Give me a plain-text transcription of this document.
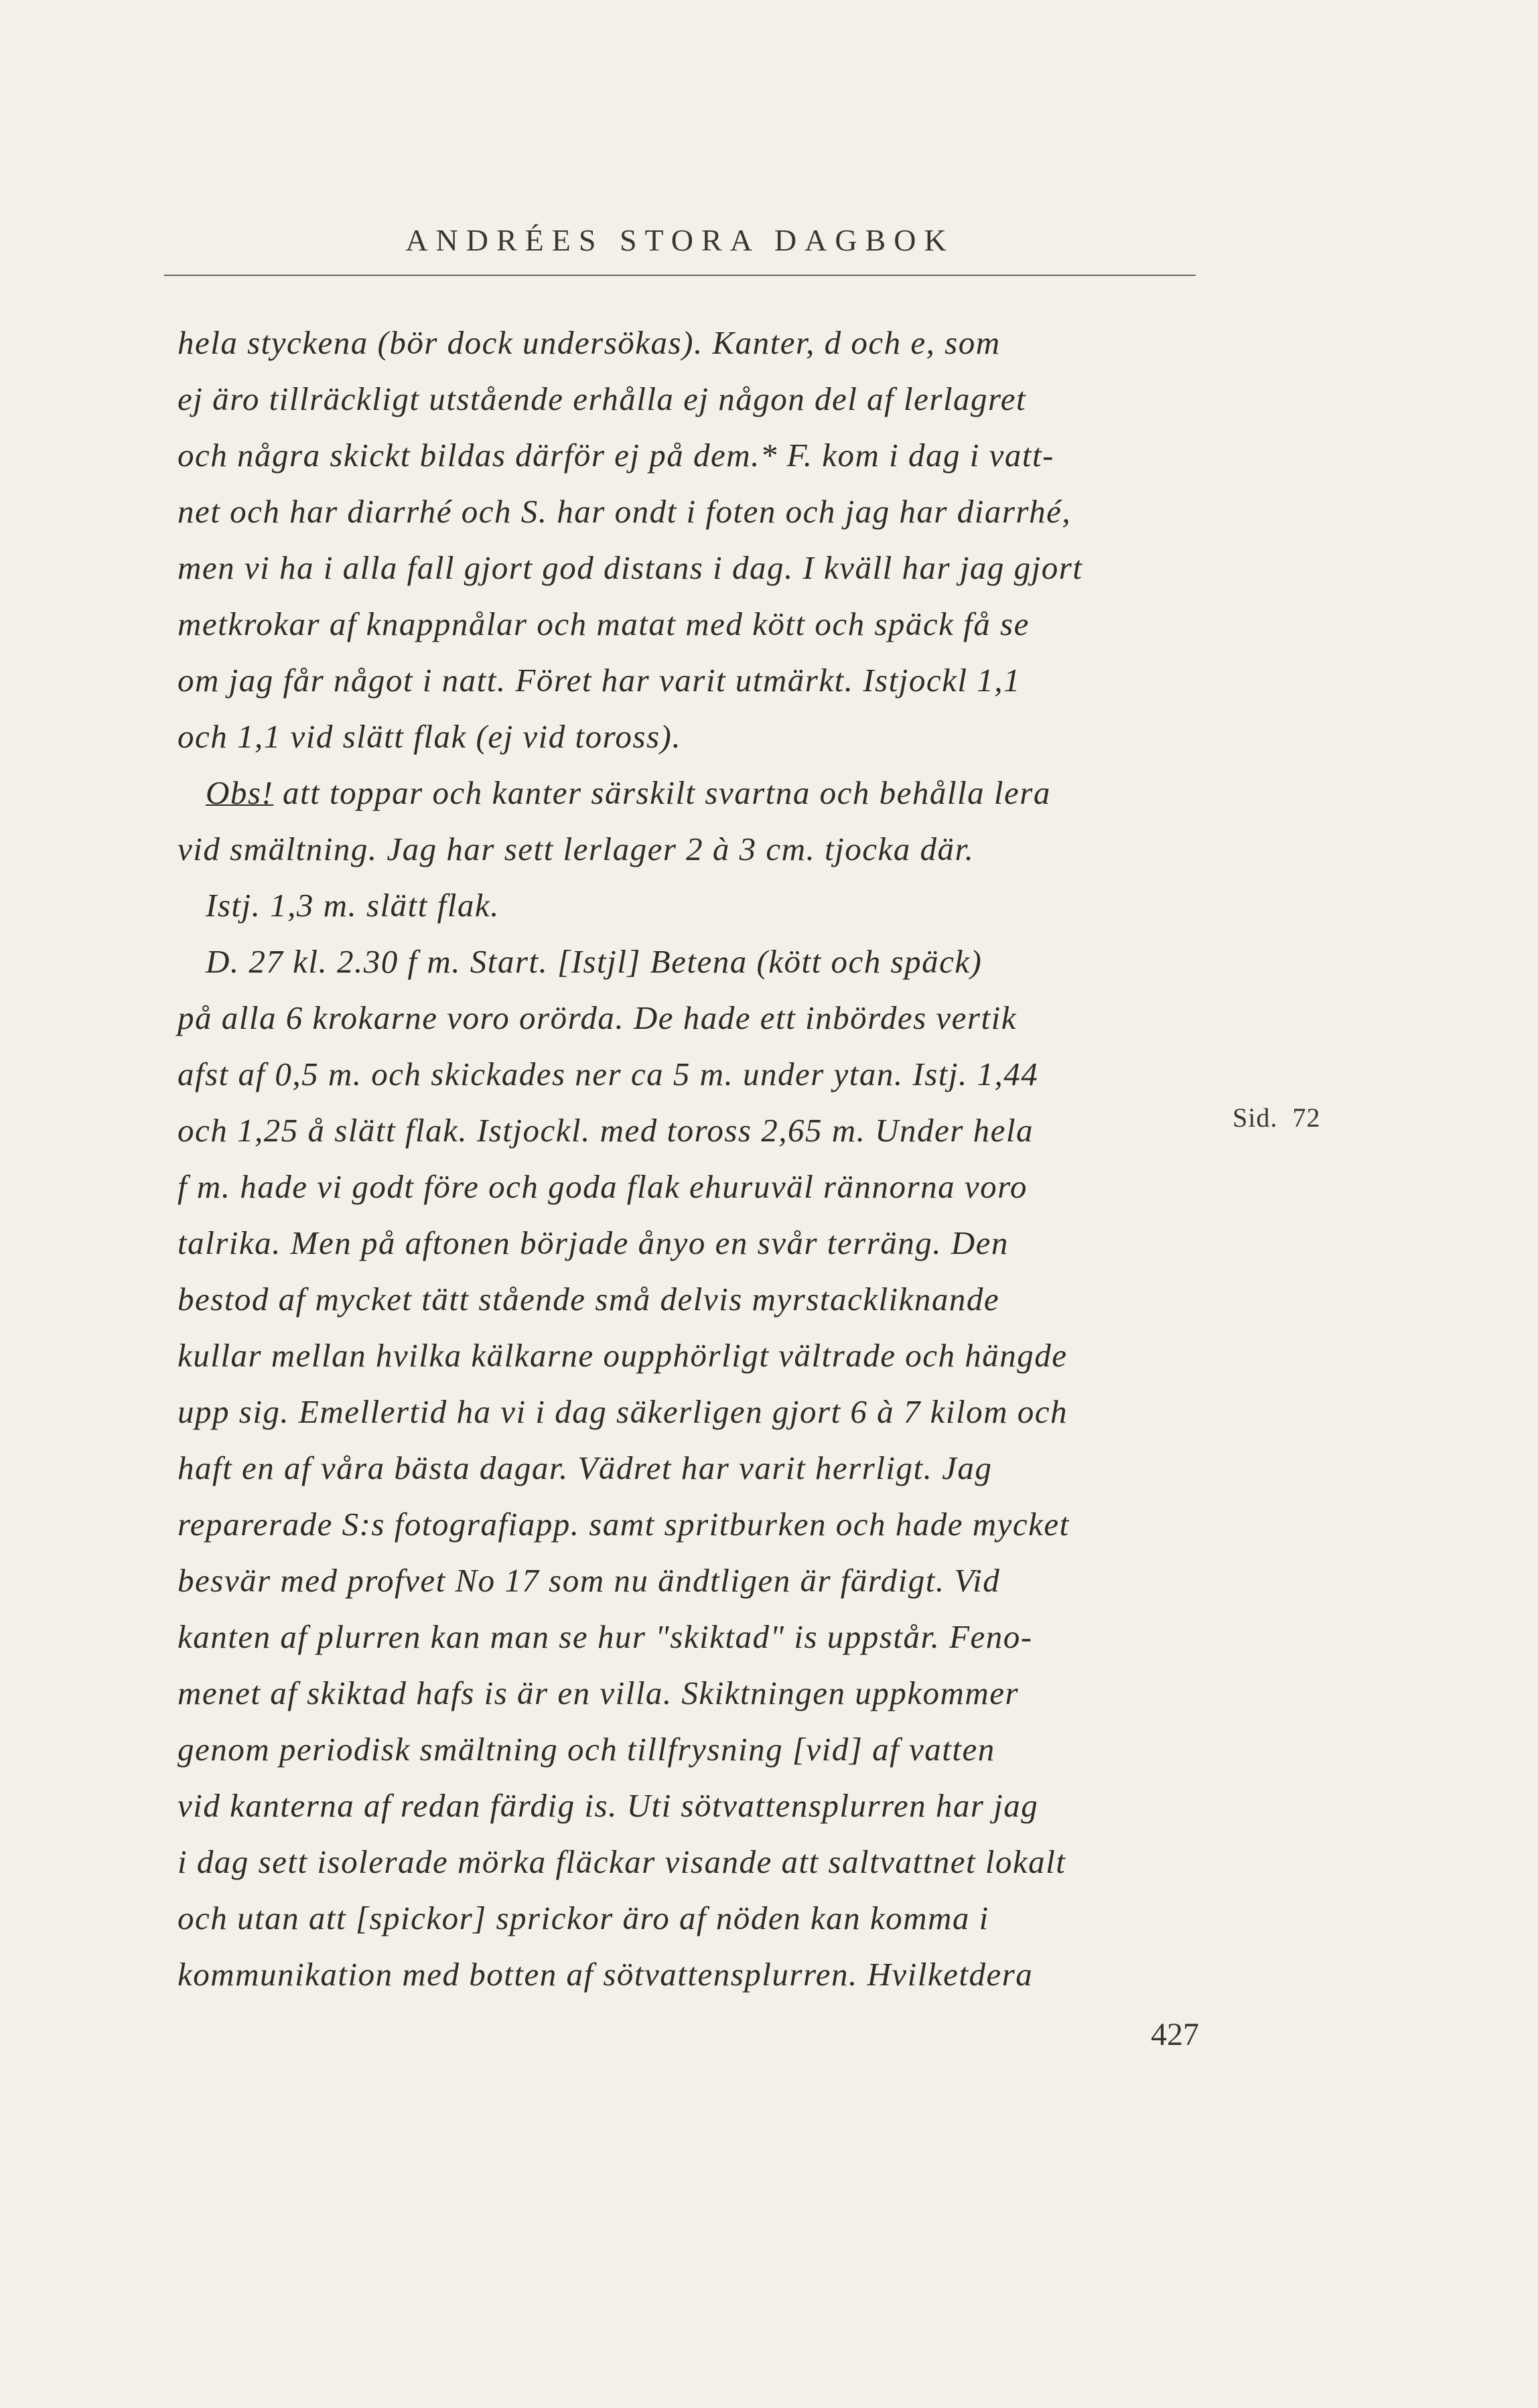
ANDRÉES STORA DAGBOK
hela styckena (bör dock undersökas). Kanter, d och e, som
ej äro tillräckligt utstående erhålla ej någon del af lerlagret
och några skickt bildas därför ej på dem.* F. kom i dag i vatt-
net och har diarrhé och S. har ondt i foten och jag har diarrhé,
men vi ha i alla fall gjort god distans i dag. I kväll har jag gjort
metkrokar af knappnålar och matat med kött och späck få se
om jag får något i natt. Föret har varit utmärkt. Istjockl 1,1
och 1,1 vid slätt flak (ej vid toross).
Obs! att toppar och kanter särskilt svartna och behålla lera
vid smältning. Jag har sett lerlager 2 à 3 cm. tjocka där.
Istj. 1,3 m. slätt flak.
D. 27 kl. 2.30 f m. Start. [Istjl] Betena (kött och späck)
på alla 6 krokarne voro orörda. De hade ett inbördes vertik
afst af 0,5 m. och skickades ner ca 5 m. under ytan. Istj. 1,44
och 1,25 å slätt flak. Istjockl. med toross 2,65 m. Under hela
f m. hade vi godt före och goda flak ehuruväl rännorna voro
talrika. Men på aftonen började ånyo en svår terräng. Den
bestod af mycket tätt stående små delvis myrstackliknande
kullar mellan hvilka kälkarne oupphörligt vältrade och hängde
upp sig. Emellertid ha vi i dag säkerligen gjort 6 à 7 kilom och
haft en af våra bästa dagar. Vädret har varit herrligt. Jag
reparerade S:s fotografiapp. samt spritburken och hade mycket
besvär med profvet No 17 som nu ändtligen är färdigt. Vid
kanten af plurren kan man se hur "skiktad" is uppstår. Feno-
menet af skiktad hafs is är en villa. Skiktningen uppkommer
genom periodisk smältning och tillfrysning [vid] af vatten
vid kanterna af redan färdig is. Uti sötvattensplurren har jag
i dag sett isolerade mörka fläckar visande att saltvattnet lokalt
och utan att [spickor] sprickor äro af nöden kan komma i
kommunikation med botten af sötvattensplurren. Hvilketdera
Sid. 72
427
